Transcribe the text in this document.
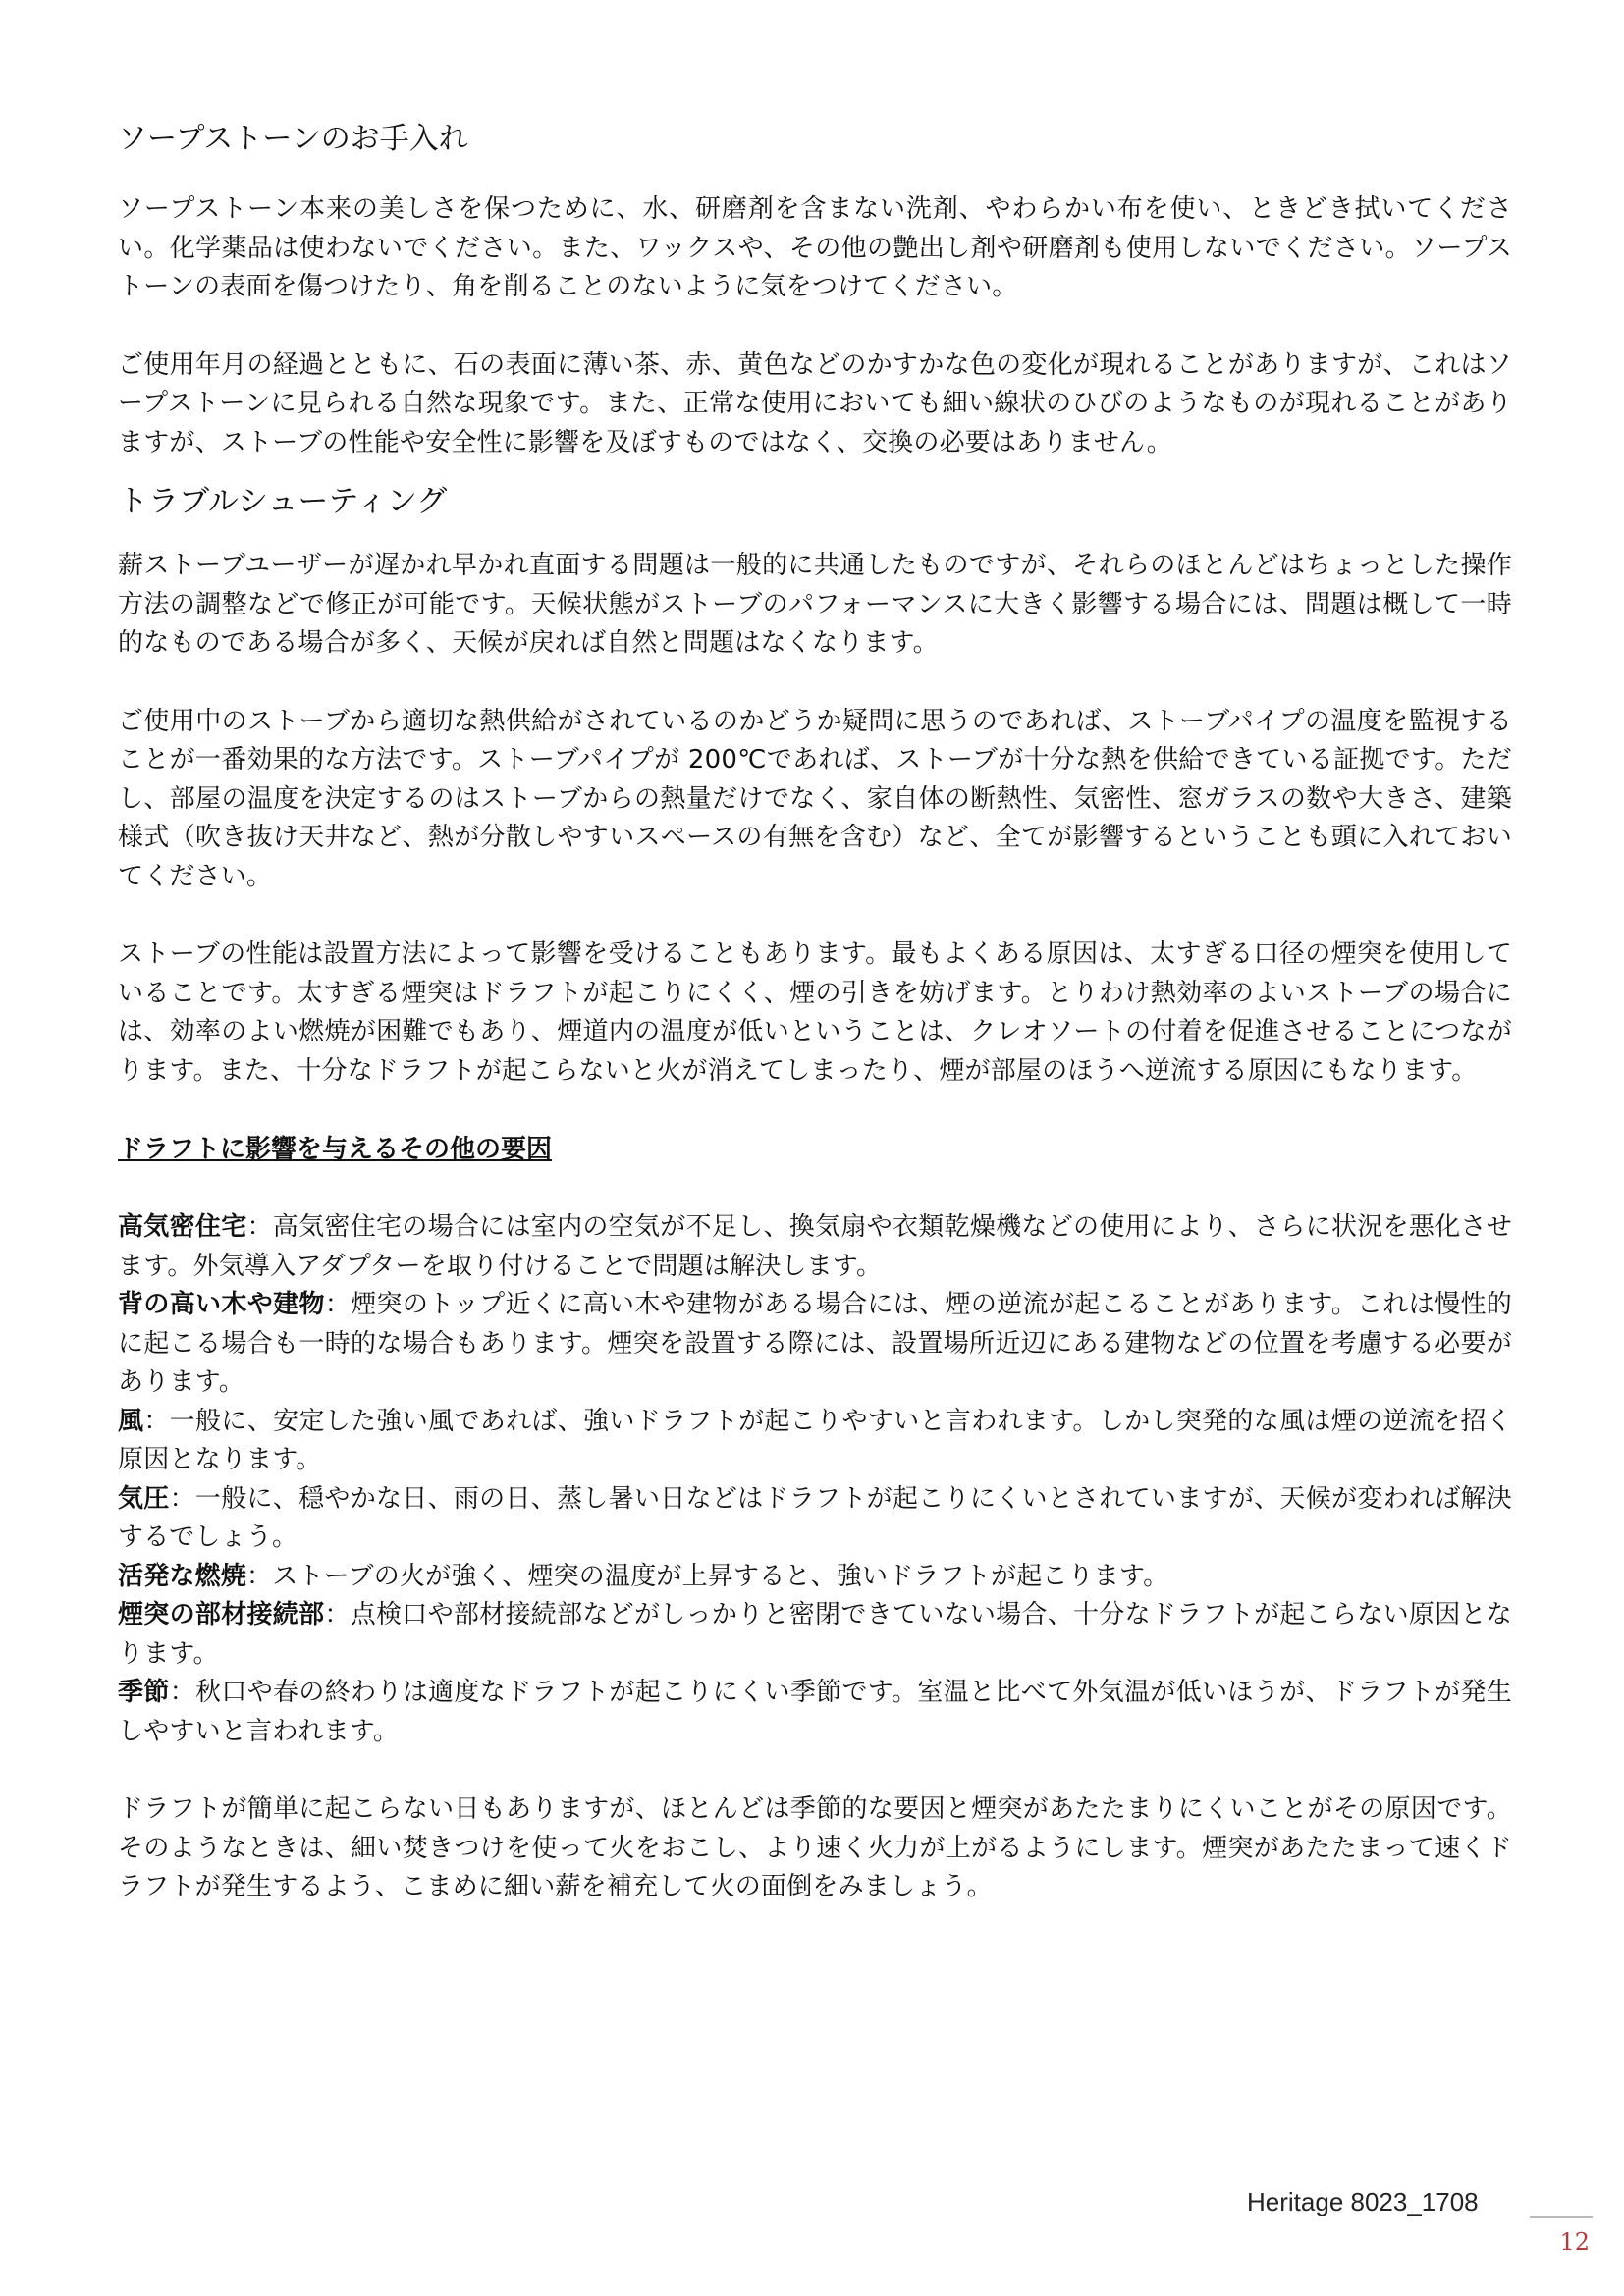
ソープストーンのお手入れ

ソープストーン本来の美しさを保つために、水、研磨剤を含まない洗剤、やわらかい布を使い、ときどき拭いてください。化学薬品は使わないでください。また、ワックスや、その他の艶出し剤や研磨剤も使用しないでください。ソープストーンの表面を傷つけたり、角を削ることのないように気をつけてください。

ご使用年月の経過とともに、石の表面に薄い茶、赤、黄色などのかすかな色の変化が現れることがありますが、これはソープストーンに見られる自然な現象です。また、正常な使用においても細い線状のひびのようなものが現れることがありますが、ストーブの性能や安全性に影響を及ぼすものではなく、交換の必要はありません。

トラブルシューティング

薪ストーブユーザーが遅かれ早かれ直面する問題は一般的に共通したものですが、それらのほとんどはちょっとした操作方法の調整などで修正が可能です。天候状態がストーブのパフォーマンスに大きく影響する場合には、問題は概して一時的なものである場合が多く、天候が戻れば自然と問題はなくなります。

ご使用中のストーブから適切な熱供給がされているのかどうか疑問に思うのであれば、ストーブパイプの温度を監視することが一番効果的な方法です。ストーブパイプが 200℃であれば、ストーブが十分な熱を供給できている証拠です。ただし、部屋の温度を決定するのはストーブからの熱量だけでなく、家自体の断熱性、気密性、窓ガラスの数や大きさ、建築様式（吹き抜け天井など、熱が分散しやすいスペースの有無を含む）など、全てが影響するということも頭に入れておいてください。

ストーブの性能は設置方法によって影響を受けることもあります。最もよくある原因は、太すぎる口径の煙突を使用していることです。太すぎる煙突はドラフトが起こりにくく、煙の引きを妨げます。とりわけ熱効率のよいストーブの場合には、効率のよい燃焼が困難でもあり、煙道内の温度が低いということは、クレオソートの付着を促進させることにつながります。また、十分なドラフトが起こらないと火が消えてしまったり、煙が部屋のほうへ逆流する原因にもなります。

ドラフトに影響を与えるその他の要因
高気密住宅：高気密住宅の場合には室内の空気が不足し、換気扇や衣類乾燥機などの使用により、さらに状況を悪化させます。外気導入アダプターを取り付けることで問題は解決します。
背の高い木や建物：煙突のトップ近くに高い木や建物がある場合には、煙の逆流が起こることがあります。これは慢性的に起こる場合も一時的な場合もあります。煙突を設置する際には、設置場所近辺にある建物などの位置を考慮する必要があります。
風：一般に、安定した強い風であれば、強いドラフトが起こりやすいと言われます。しかし突発的な風は煙の逆流を招く原因となります。
気圧：一般に、穏やかな日、雨の日、蒸し暑い日などはドラフトが起こりにくいとされていますが、天候が変われば解決するでしょう。
活発な燃焼：ストーブの火が強く、煙突の温度が上昇すると、強いドラフトが起こります。
煙突の部材接続部：点検口や部材接続部などがしっかりと密閉できていない場合、十分なドラフトが起こらない原因となります。
季節：秋口や春の終わりは適度なドラフトが起こりにくい季節です。室温と比べて外気温が低いほうが、ドラフトが発生しやすいと言われます。

ドラフトが簡単に起こらない日もありますが、ほとんどは季節的な要因と煙突があたたまりにくいことがその原因です。そのようなときは、細い焚きつけを使って火をおこし、より速く火力が上がるようにします。煙突があたたまって速くドラフトが発生するよう、こまめに細い薪を補充して火の面倒をみましょう。

Heritage 8023_1708
12
